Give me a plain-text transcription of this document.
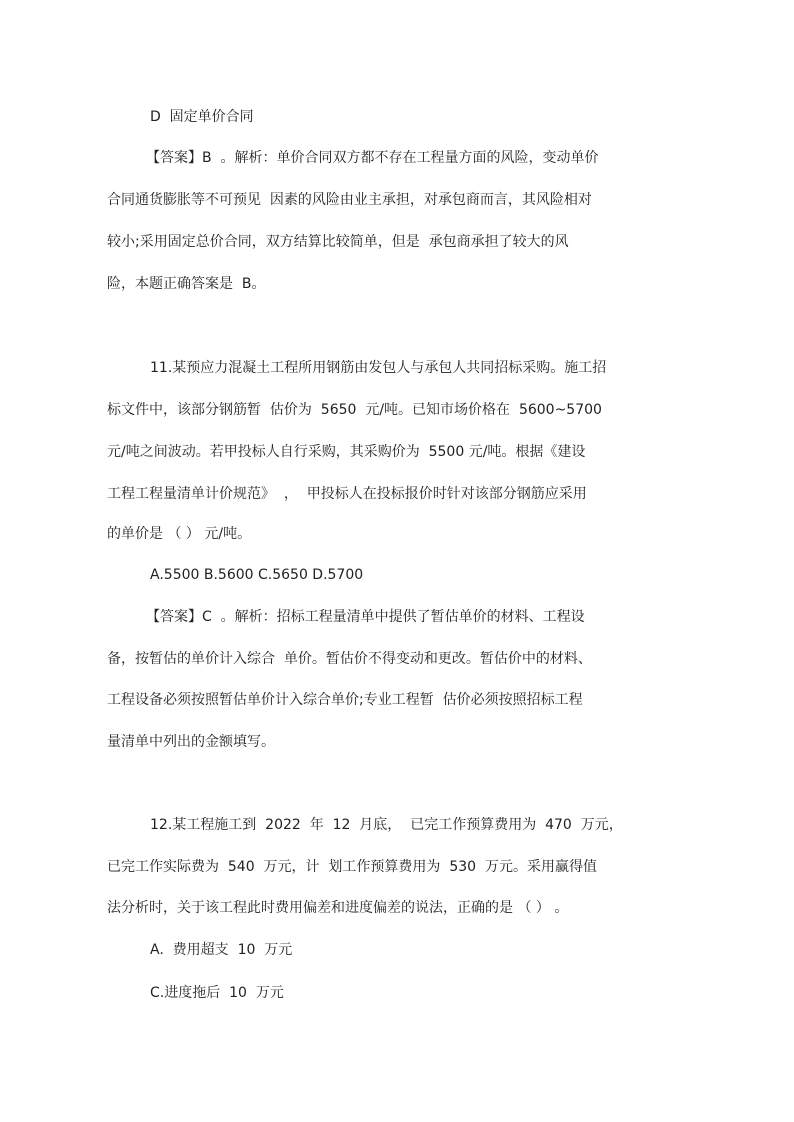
D  固定单价合同
【答案】B  。解析：单价合同双方都不存在工程量方面的风险，变动单价
合同通货膨胀等不可预见  因素的风险由业主承担，对承包商而言，其风险相对
较小;采用固定总价合同，双方结算比较简单，但是  承包商承担了较大的风
险，本题正确答案是  B。
11.某预应力混凝土工程所用钢筋由发包人与承包人共同招标采购。施工招
标文件中，该部分钢筋暂  估价为  5650  元/吨。已知市场价格在  5600~5700
元/吨之间波动。若甲投标人自行采购，其采购价为  5500 元/吨。根据《建设
工程工程量清单计价规范》  ，  甲投标人在投标报价时针对该部分钢筋应采用
的单价是 （ ） 元/吨。
A.5500 B.5600 C.5650 D.5700
【答案】C  。解析：招标工程量清单中提供了暂估单价的材料、工程设
备，按暂估的单价计入综合  单价。暂估价不得变动和更改。暂估价中的材料、
工程设备必须按照暂估单价计入综合单价;专业工程暂  估价必须按照招标工程
量清单中列出的金额填写。
12.某工程施工到  2022  年  12  月底，  已完工作预算费用为  470  万元，
已完工作实际费为  540  万元，计  划工作预算费用为  530  万元。采用赢得值
法分析时，关于该工程此时费用偏差和进度偏差的说法，正确的是 （ ） 。
A.  费用超支  10  万元
C.进度拖后  10  万元
